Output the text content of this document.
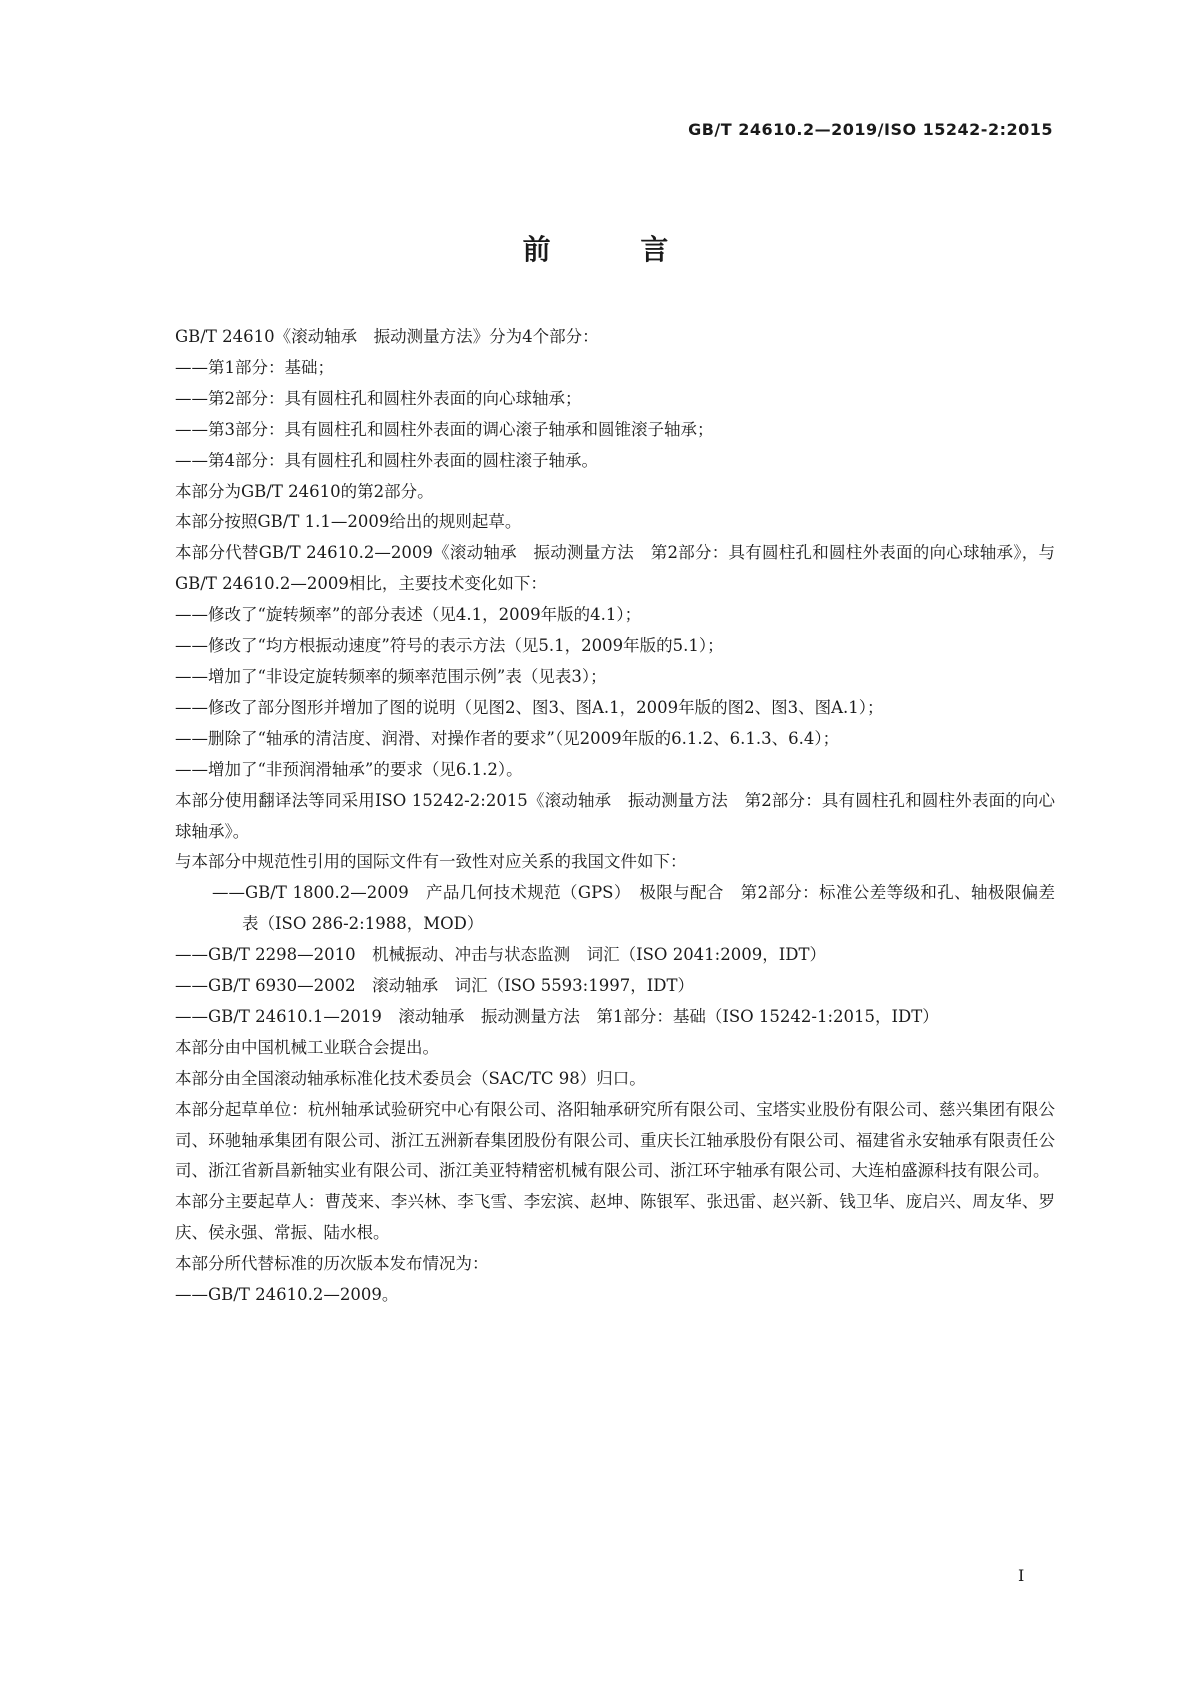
GB/T 24610.2—2019/ISO 15242-2:2015
前 言

GB/T 24610《滚动轴承　振动测量方法》分为4个部分：

——第1部分：基础；

——第2部分：具有圆柱孔和圆柱外表面的向心球轴承；

——第3部分：具有圆柱孔和圆柱外表面的调心滚子轴承和圆锥滚子轴承；

——第4部分：具有圆柱孔和圆柱外表面的圆柱滚子轴承。

本部分为GB/T 24610的第2部分。

本部分按照GB/T 1.1—2009给出的规则起草。

本部分代替GB/T 24610.2—2009《滚动轴承　振动测量方法　第2部分：具有圆柱孔和圆柱外表面的向心球轴承》，与GB/T 24610.2—2009相比，主要技术变化如下：

——修改了“旋转频率”的部分表述（见4.1，2009年版的4.1）；

——修改了“均方根振动速度”符号的表示方法（见5.1，2009年版的5.1）；

——增加了“非设定旋转频率的频率范围示例”表（见表3）；

——修改了部分图形并增加了图的说明（见图2、图3、图A.1，2009年版的图2、图3、图A.1）；

——删除了“轴承的清洁度、润滑、对操作者的要求”（见2009年版的6.1.2、6.1.3、6.4）；

——增加了“非预润滑轴承”的要求（见6.1.2）。

本部分使用翻译法等同采用ISO 15242-2:2015《滚动轴承　振动测量方法　第2部分：具有圆柱孔和圆柱外表面的向心球轴承》。

与本部分中规范性引用的国际文件有一致性对应关系的我国文件如下：

——GB/T 1800.2—2009　产品几何技术规范（GPS）　极限与配合　第2部分：标准公差等级和孔、轴极限偏差表（ISO 286-2:1988，MOD）

——GB/T 2298—2010　机械振动、冲击与状态监测　词汇（ISO 2041:2009，IDT）

——GB/T 6930—2002　滚动轴承　词汇（ISO 5593:1997，IDT）

——GB/T 24610.1—2019　滚动轴承　振动测量方法　第1部分：基础（ISO 15242-1:2015，IDT）

本部分由中国机械工业联合会提出。

本部分由全国滚动轴承标准化技术委员会（SAC/TC 98）归口。

本部分起草单位：杭州轴承试验研究中心有限公司、洛阳轴承研究所有限公司、宝塔实业股份有限公司、慈兴集团有限公司、环驰轴承集团有限公司、浙江五洲新春集团股份有限公司、重庆长江轴承股份有限公司、福建省永安轴承有限责任公司、浙江省新昌新轴实业有限公司、浙江美亚特精密机械有限公司、浙江环宇轴承有限公司、大连柏盛源科技有限公司。

本部分主要起草人：曹茂来、李兴林、李飞雪、李宏滨、赵坤、陈银军、张迅雷、赵兴新、钱卫华、庞启兴、周友华、罗庆、侯永强、常振、陆水根。

本部分所代替标准的历次版本发布情况为：

——GB/T 24610.2—2009。

I
